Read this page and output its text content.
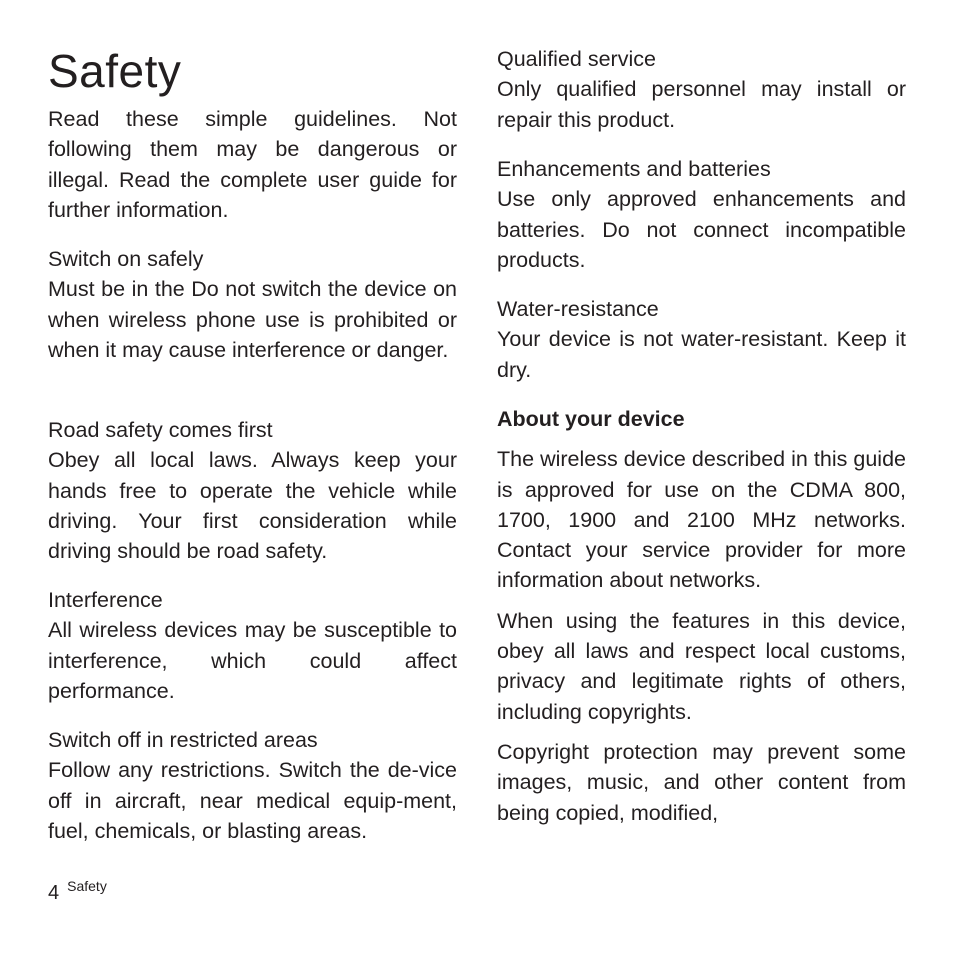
Safety

Read these simple guidelines. Not following them may be dangerous or illegal. Read the complete user guide for further information.

Switch on safely

Must be in the Do not switch the device on when wireless phone use is prohibited or when it may cause interference or danger.

Road safety comes first

Obey all local laws. Always keep your hands free to operate the vehicle while driving. Your first consideration while driving should be road safety.

Interference

All wireless devices may be susceptible to interference, which could affect performance.

Switch off in restricted areas

Follow any restrictions. Switch the de-vice off in aircraft, near medical equip-ment, fuel, chemicals, or blasting areas.

Qualified service

Only qualified personnel may install or repair this product.

Enhancements and batteries

Use only approved enhancements and batteries. Do not connect incompatible products.

Water-resistance

Your device is not water-resistant. Keep it dry.

About your device

The wireless device described in this guide is approved for use on the CDMA 800, 1700, 1900 and 2100 MHz networks. Contact your service provider for more information about networks.

When using the features in this device, obey all laws and respect local customs, privacy and legitimate rights of others, including copyrights.

Copyright protection may prevent some images, music, and other content from being copied, modified,

4 Safety
